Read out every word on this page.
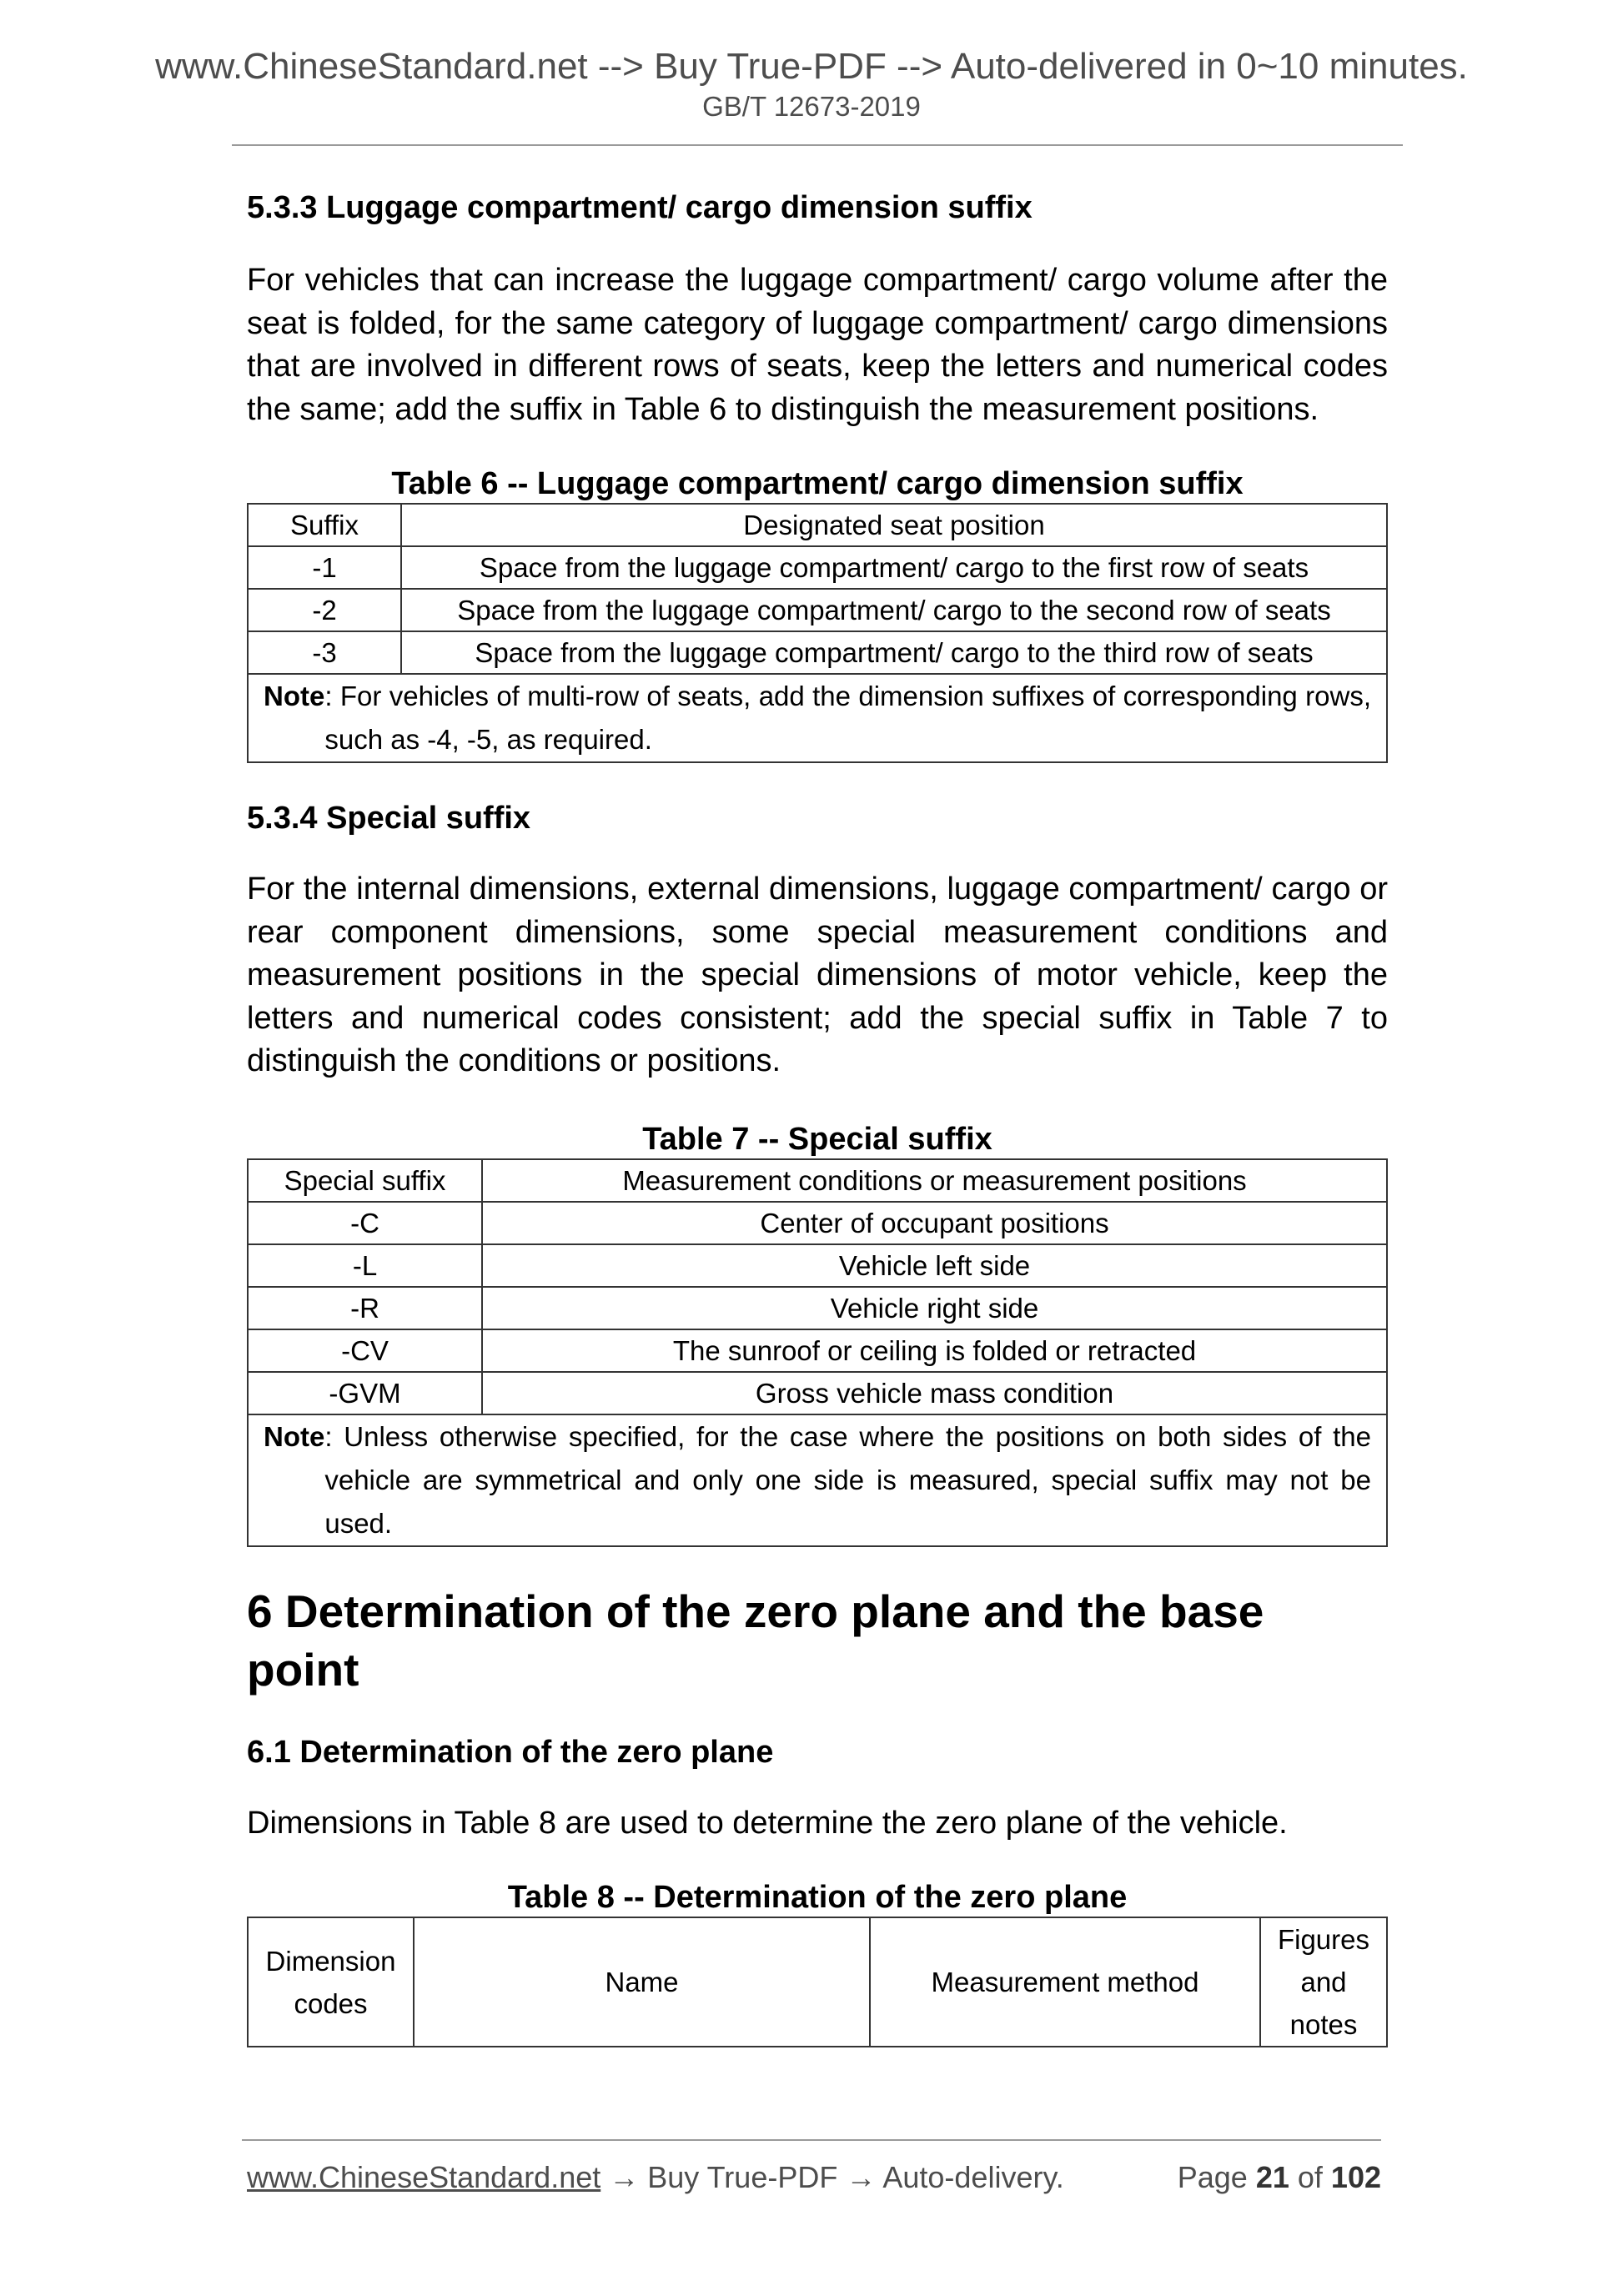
www.ChineseStandard.net --> Buy True-PDF --> Auto-delivered in 0~10 minutes.
GB/T 12673-2019
5.3.3 Luggage compartment/ cargo dimension suffix

For vehicles that can increase the luggage compartment/ cargo volume after the seat is folded, for the same category of luggage compartment/ cargo dimensions that are involved in different rows of seats, keep the letters and numerical codes the same; add the suffix in Table 6 to distinguish the measurement positions.

Table 6 -- Luggage compartment/ cargo dimension suffix
Suffix	Designated seat position
-1	Space from the luggage compartment/ cargo to the first row of seats
-2	Space from the luggage compartment/ cargo to the second row of seats
-3	Space from the luggage compartment/ cargo to the third row of seats

Note : For vehicles of multi-row of seats, add the dimension suffixes of corresponding rows, such as -4, -5, as required.	
5.3.4 Special suffix

For the internal dimensions, external dimensions, luggage compartment/ cargo or rear component dimensions, some special measurement conditions and measurement positions in the special dimensions of motor vehicle, keep the letters and numerical codes consistent; add the special suffix in Table 7 to distinguish the conditions or positions.

Table 7 -- Special suffix
Special suffix	Measurement conditions or measurement positions
-C	Center of occupant positions
-L	Vehicle left side
-R	Vehicle right side
-CV	The sunroof or ceiling is folded or retracted
-GVM	Gross vehicle mass condition

Note : Unless otherwise specified, for the case where the positions on both sides of the vehicle are symmetrical and only one side is measured, special suffix may not be used.	
6 Determination of the zero plane and the base point
6.1 Determination of the zero plane

Dimensions in Table 8 are used to determine the zero plane of the vehicle.

Table 8 -- Determination of the zero plane
Dimension codes	Name	Measurement method	Figures and notes
www.ChineseStandard.net → Buy True-PDF → Auto-delivery.	Page 21 of 102
